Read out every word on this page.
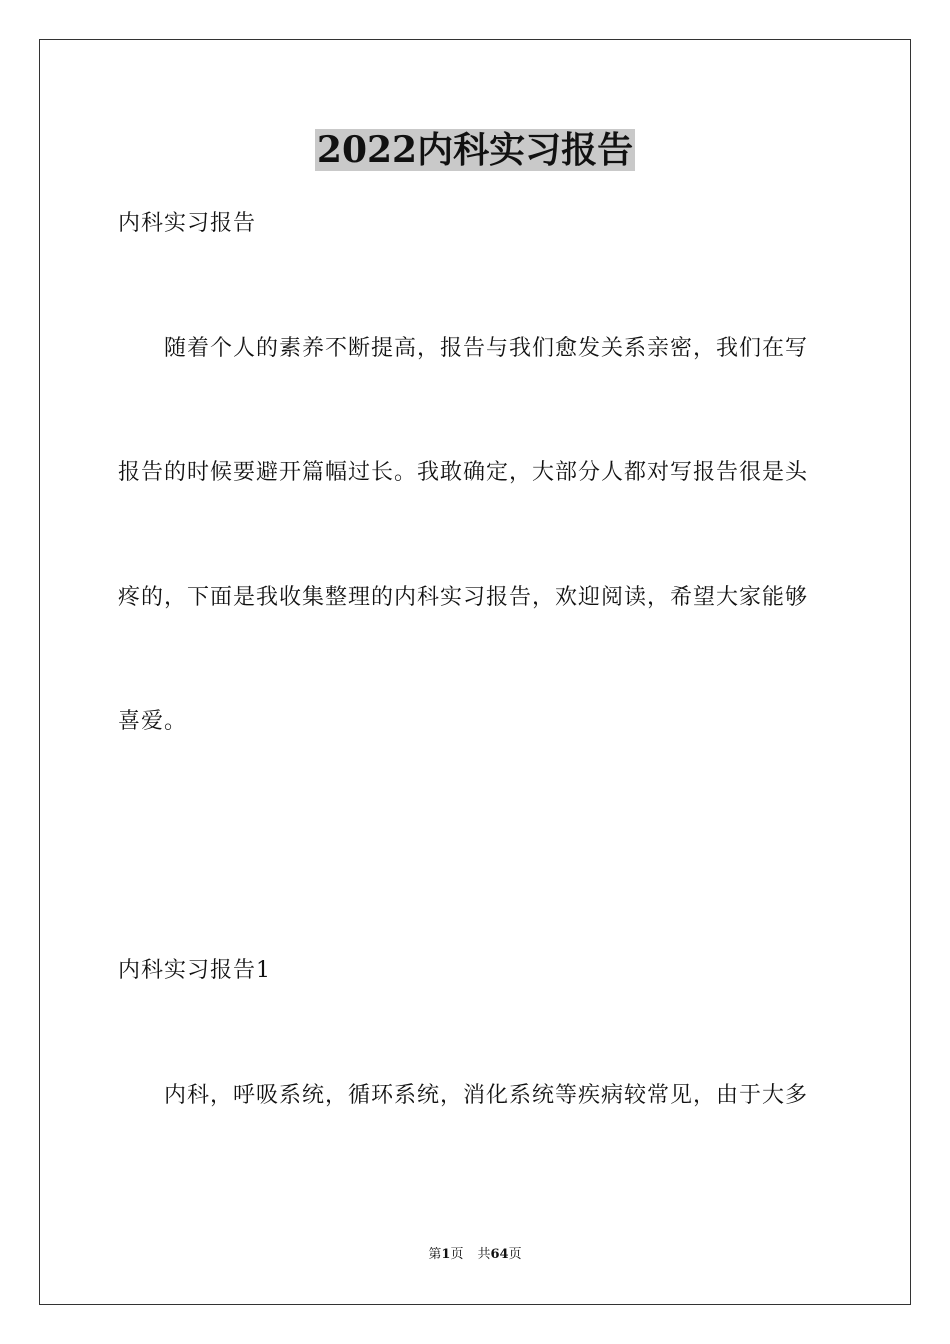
2022内科实习报告
内科实习报告
随着个人的素养不断提高，报告与我们愈发关系亲密，我们在写
报告的时候要避开篇幅过长。我敢确定，大部分人都对写报告很是头
疼的，下面是我收集整理的内科实习报告，欢迎阅读，希望大家能够
喜爱。
内科实习报告1
内科，呼吸系统，循环系统，消化系统等疾病较常见，由于大多
第1页 共64页
